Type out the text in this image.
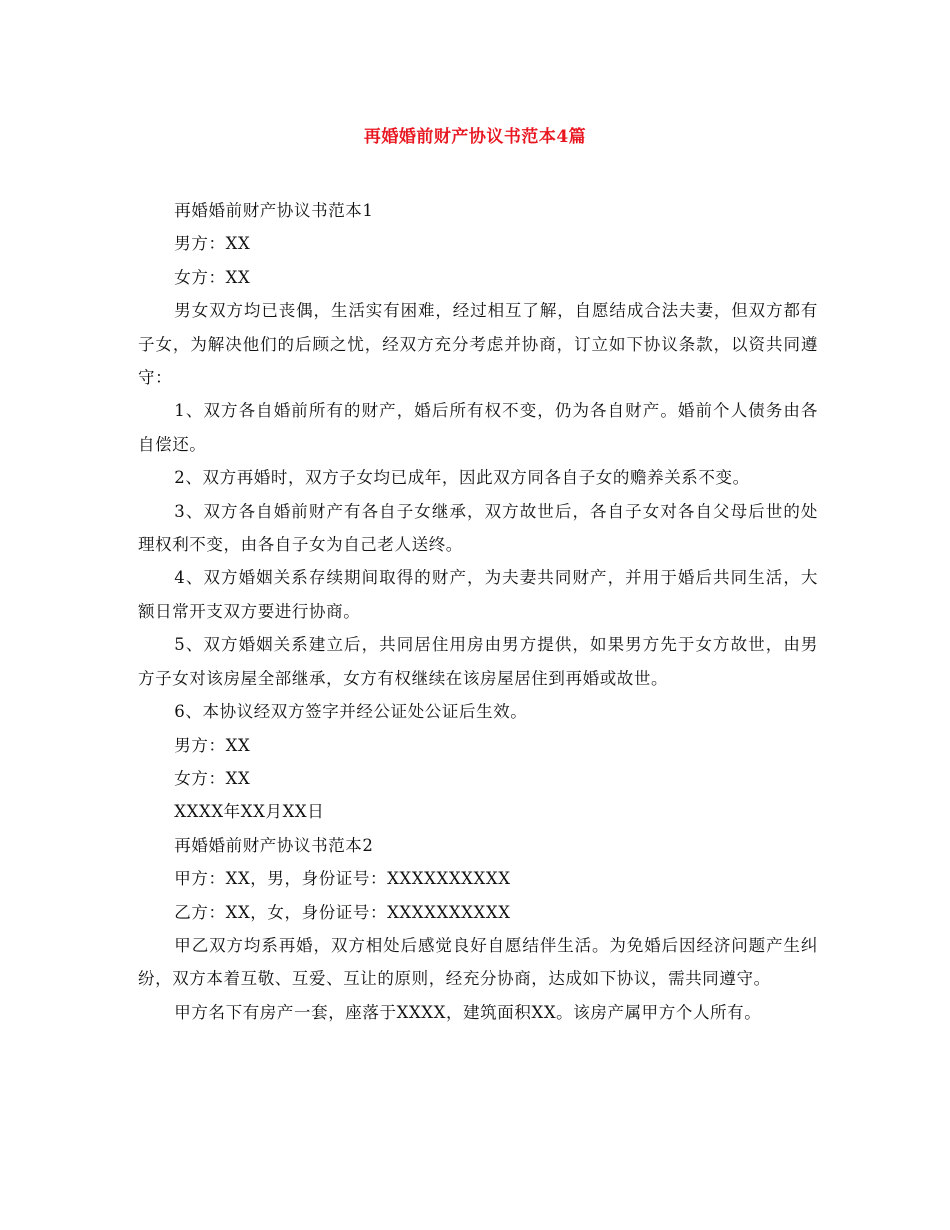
再婚婚前财产协议书范本4篇

再婚婚前财产协议书范本1

男方：XX

女方：XX

男女双方均已丧偶，生活实有困难，经过相互了解，自愿结成合法夫妻，但双方都有子女，为解决他们的后顾之忧，经双方充分考虑并协商，订立如下协议条款，以资共同遵守：

1、双方各自婚前所有的财产，婚后所有权不变，仍为各自财产。婚前个人债务由各自偿还。

2、双方再婚时，双方子女均已成年，因此双方同各自子女的赡养关系不变。

3、双方各自婚前财产有各自子女继承，双方故世后，各自子女对各自父母后世的处理权利不变，由各自子女为自己老人送终。

4、双方婚姻关系存续期间取得的财产，为夫妻共同财产，并用于婚后共同生活，大额日常开支双方要进行协商。

5、双方婚姻关系建立后，共同居住用房由男方提供，如果男方先于女方故世，由男方子女对该房屋全部继承，女方有权继续在该房屋居住到再婚或故世。

6、本协议经双方签字并经公证处公证后生效。

男方：XX

女方：XX

XXXX年XX月XX日

再婚婚前财产协议书范本2

甲方：XX，男，身份证号：XXXXXXXXXX

乙方：XX，女，身份证号：XXXXXXXXXX

甲乙双方均系再婚，双方相处后感觉良好自愿结伴生活。为免婚后因经济问题产生纠纷，双方本着互敬、互爱、互让的原则，经充分协商，达成如下协议，需共同遵守。

甲方名下有房产一套，座落于XXXX，建筑面积XX。该房产属甲方个人所有。
